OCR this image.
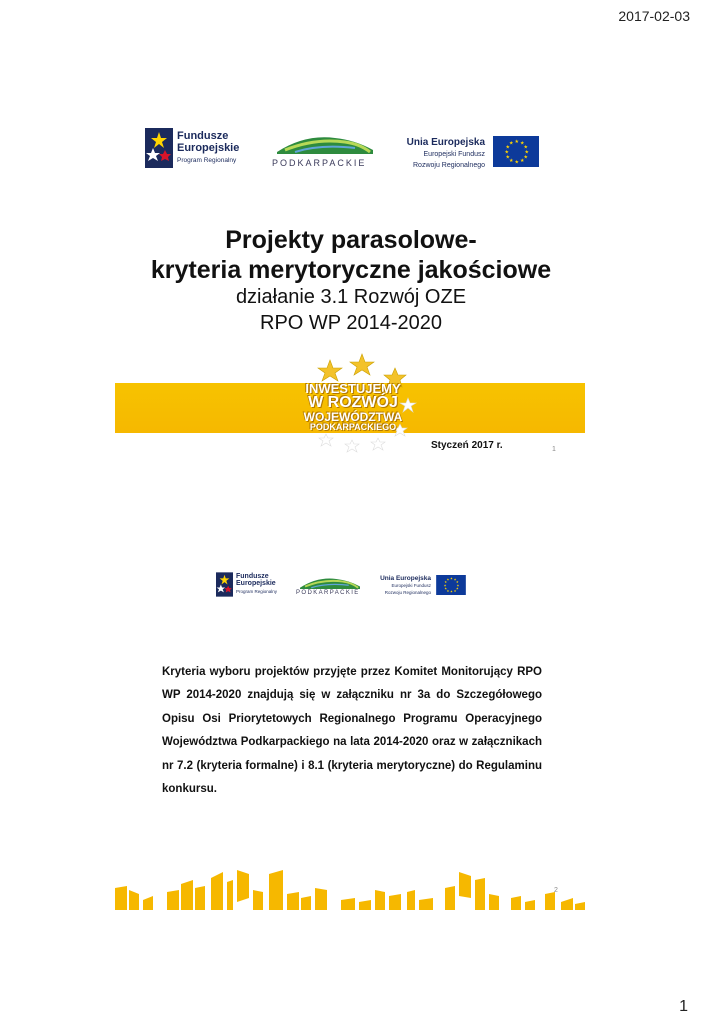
2017-02-03
Fundusze
Europejskie
Program Regionalny	PODKARPACKIE
Unia Europejska
Europejski Fundusz
Rozwoju Regionalnego
★ ★
★
★
★
★
★
★
★
★
★
★
Projekty parasolowe-
kryteria merytoryczne jakościowe
działanie 3.1 Rozwój OZE
RPO WP 2014-2020
INWESTUJEMY
W ROZWÓJ
WOJEWÓDZTWA
PODKARPACKIEGO
Styczeń 2017 r.	1
Fundusze
Europejskie
Program Regionalny	PODKARPACKIE
Unia Europejska
Europejski Fundusz
Rozwoju Regionalnego
★ ★
★
★
★
★
★
★
★
★
★
★
Kryteria wyboru projektów przyjęte przez Komitet Monitorujący RPO WP 2014-2020 znajdują się w załączniku nr 3a do Szczegółowego Opisu Osi Priorytetowych Regionalnego Programu Operacyjnego Województwa Podkarpackiego na lata 2014-2020 oraz w załącznikach nr 7.2 (kryteria formalne) i 8.1 (kryteria merytoryczne) do Regulaminu konkursu.
2
1
